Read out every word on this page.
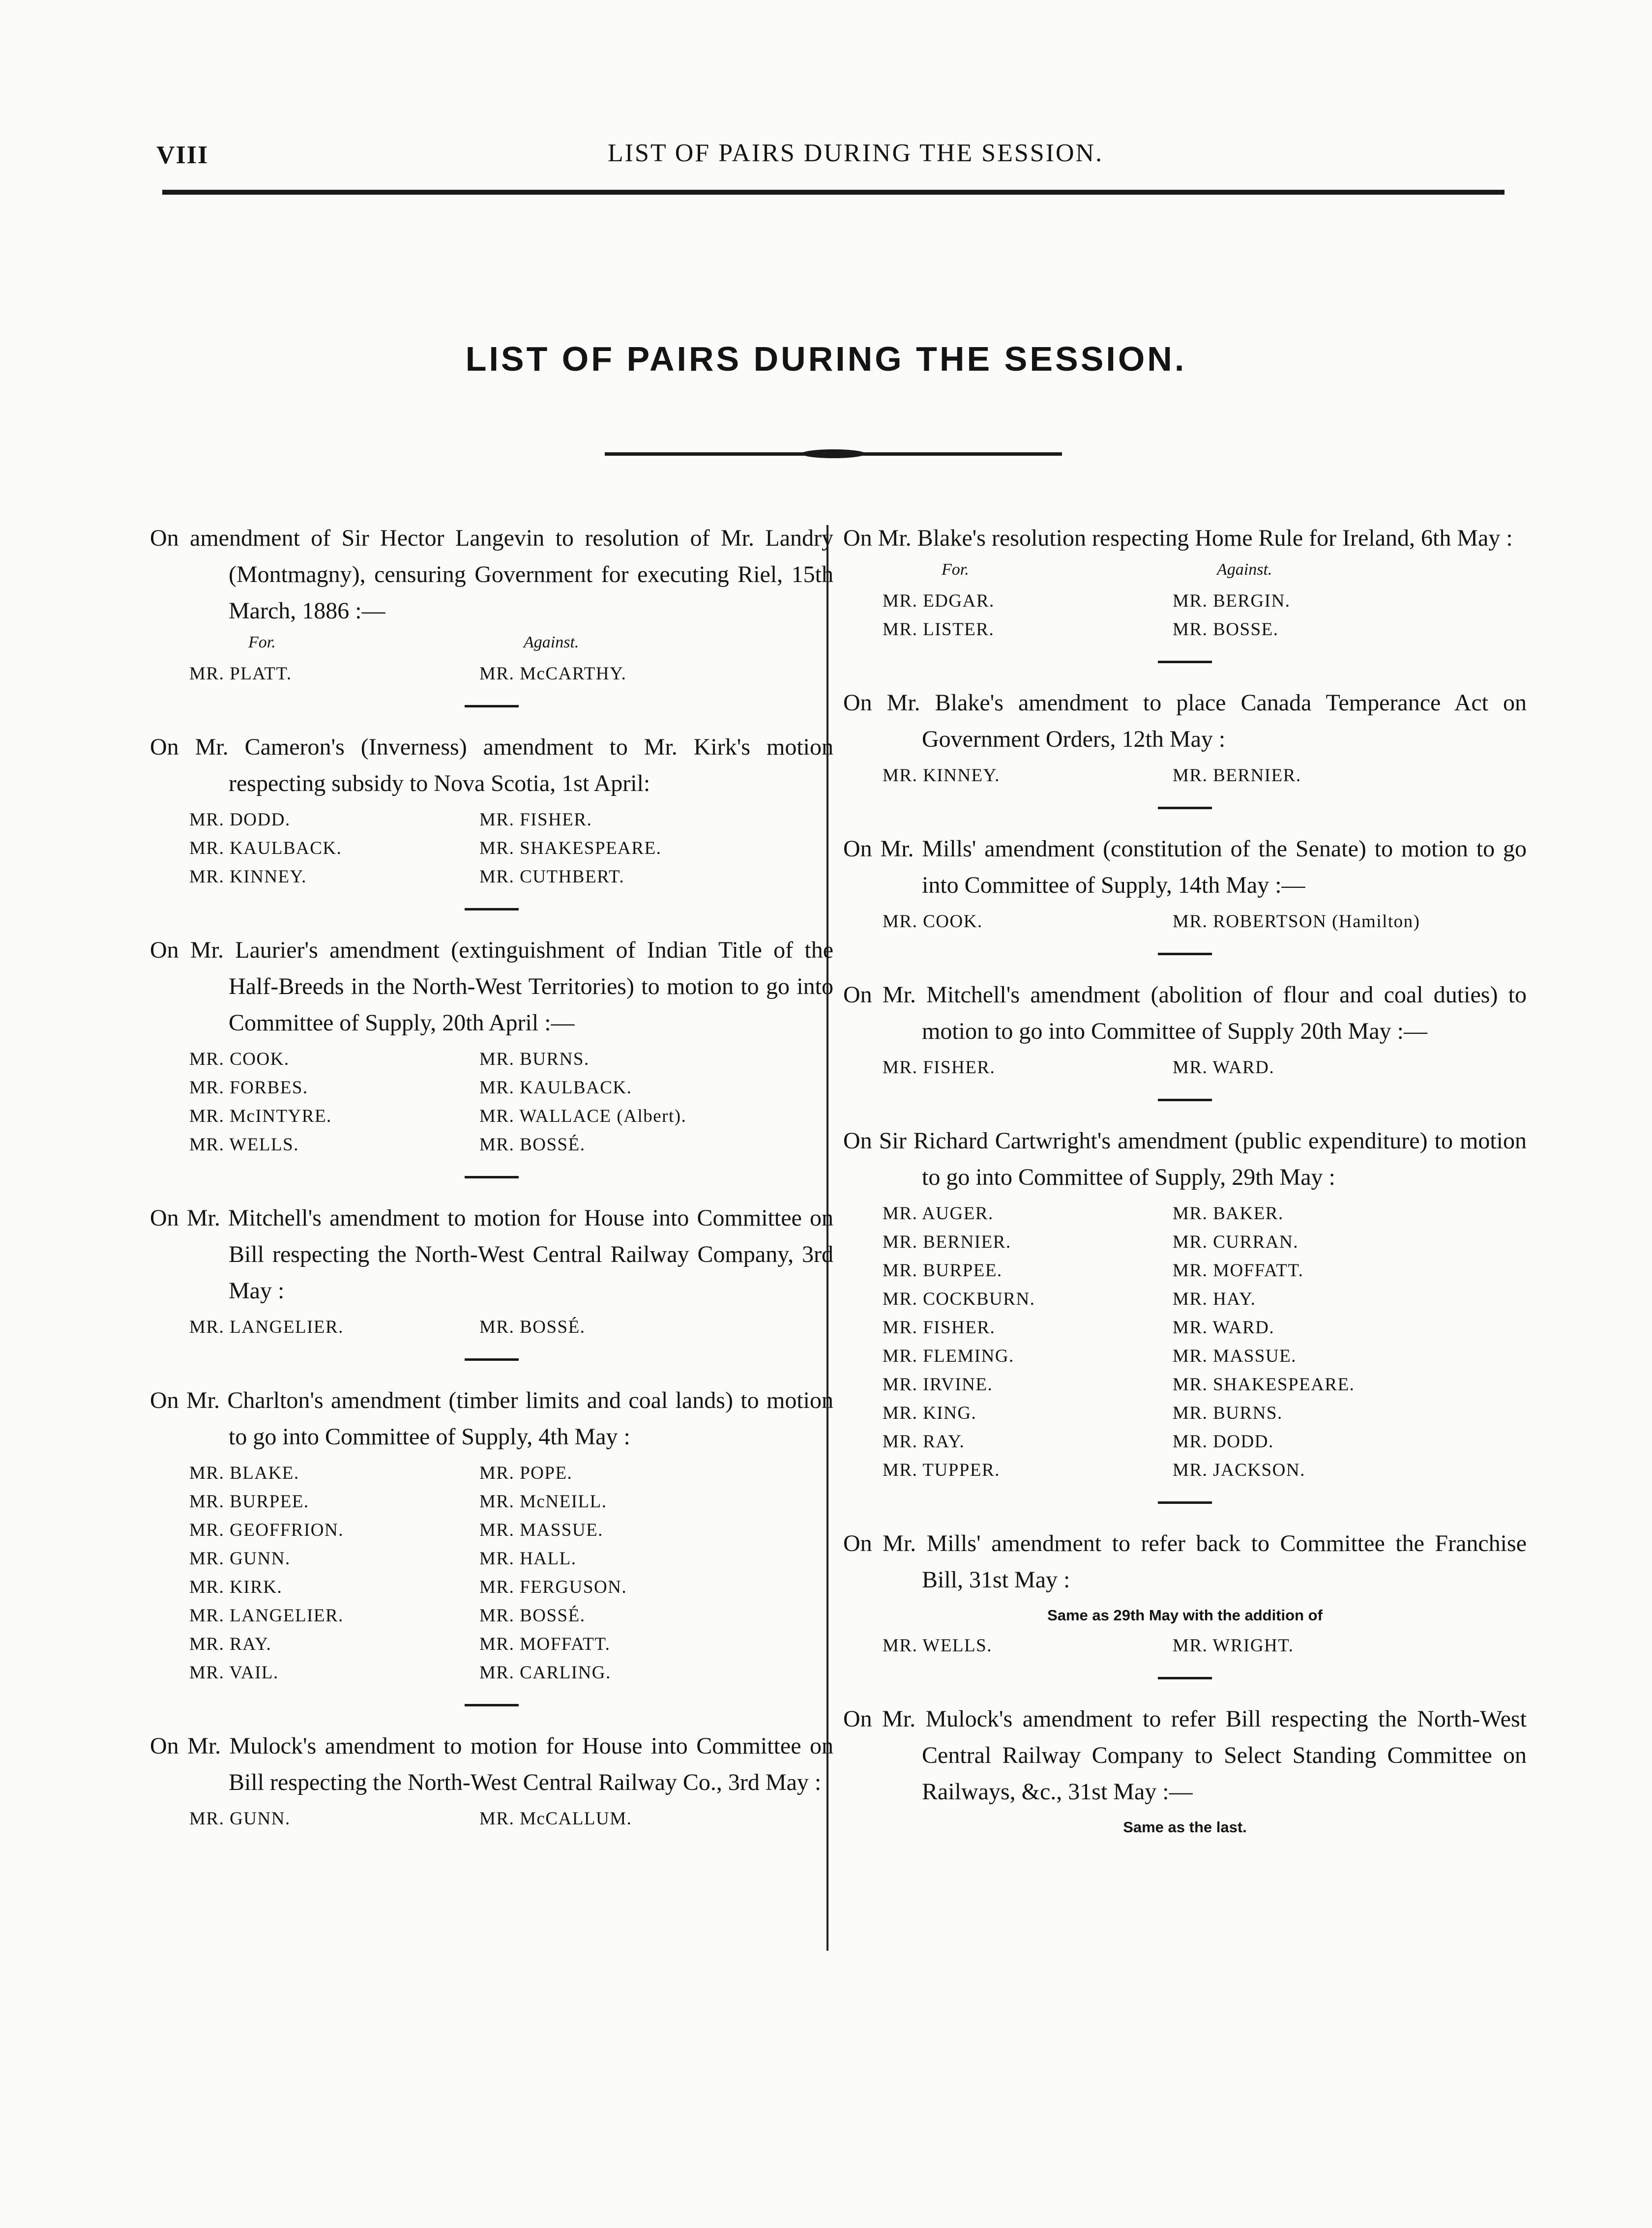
VIII	LIST OF PAIRS DURING THE SESSION.
LIST OF PAIRS DURING THE SESSION.

On amendment of Sir Hector Langevin to resolution of Mr. Landry (Montmagny), censuring Government for executing Riel, 15th March, 1886 :—

For.	Against.
MR. PLATT.	MR. McCARTHY.

On Mr. Cameron's (Inverness) amendment to Mr. Kirk's motion respecting subsidy to Nova Scotia, 1st April:

MR. DODD.	MR. FISHER.
MR. KAULBACK.	MR. SHAKESPEARE.
MR. KINNEY.	MR. CUTHBERT.

On Mr. Laurier's amendment (extinguishment of Indian Title of the Half-Breeds in the North-West Territories) to motion to go into Committee of Supply, 20th April :—

MR. COOK.	MR. BURNS.
MR. FORBES.	MR. KAULBACK.
MR. McINTYRE.	MR. WALLACE (Albert).
MR. WELLS.	MR. BOSSÉ.

On Mr. Mitchell's amendment to motion for House into Committee on Bill respecting the North-West Central Railway Company, 3rd May :

MR. LANGELIER.	MR. BOSSÉ.

On Mr. Charlton's amendment (timber limits and coal lands) to motion to go into Committee of Supply, 4th May :

MR. BLAKE.	MR. POPE.
MR. BURPEE.	MR. McNEILL.
MR. GEOFFRION.	MR. MASSUE.
MR. GUNN.	MR. HALL.
MR. KIRK.	MR. FERGUSON.
MR. LANGELIER.	MR. BOSSÉ.
MR. RAY.	MR. MOFFATT.
MR. VAIL.	MR. CARLING.

On Mr. Mulock's amendment to motion for House into Committee on Bill respecting the North-West Central Railway Co., 3rd May :

MR. GUNN.	MR. McCALLUM.

On Mr. Blake's resolution respecting Home Rule for Ireland, 6th May :

For.	Against.
MR. EDGAR.	MR. BERGIN.
MR. LISTER.	MR. BOSSE.

On Mr. Blake's amendment to place Canada Temperance Act on Government Orders, 12th May :

MR. KINNEY.	MR. BERNIER.

On Mr. Mills' amendment (constitution of the Senate) to motion to go into Committee of Supply, 14th May :—

MR. COOK.	MR. ROBERTSON (Hamilton)

On Mr. Mitchell's amendment (abolition of flour and coal duties) to motion to go into Committee of Supply 20th May :—

MR. FISHER.	MR. WARD.

On Sir Richard Cartwright's amendment (public expenditure) to motion to go into Committee of Supply, 29th May :

MR. AUGER.	MR. BAKER.
MR. BERNIER.	MR. CURRAN.
MR. BURPEE.	MR. MOFFATT.
MR. COCKBURN.	MR. HAY.
MR. FISHER.	MR. WARD.
MR. FLEMING.	MR. MASSUE.
MR. IRVINE.	MR. SHAKESPEARE.
MR. KING.	MR. BURNS.
MR. RAY.	MR. DODD.
MR. TUPPER.	MR. JACKSON.

On Mr. Mills' amendment to refer back to Committee the Franchise Bill, 31st May :

Same as 29th May with the addition of
MR. WELLS.	MR. WRIGHT.

On Mr. Mulock's amendment to refer Bill respecting the North-West Central Railway Company to Select Standing Committee on Railways, &c., 31st May :—

Same as the last.
